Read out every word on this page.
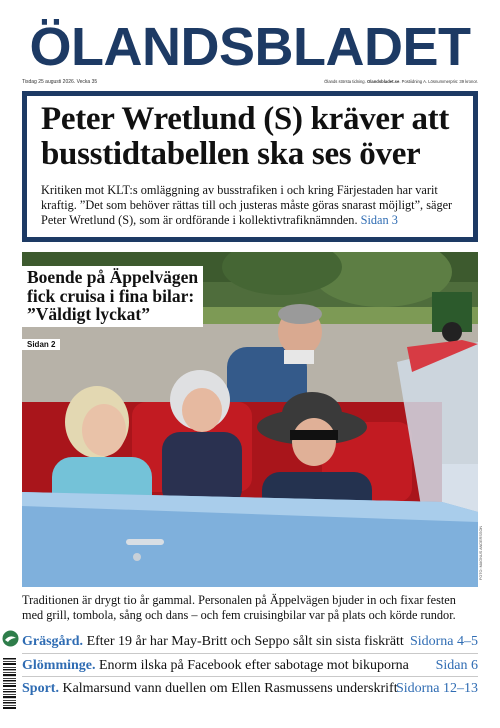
ÖLANDSBLADET
Tisdag 25 augusti 2026. Vecka 35	Ölands största tidning. Olandsbladet.se. Postiidning A. Lösnummerpris: 39 kronor.
Peter Wretlund (S) kräver att busstidtabellen ska ses över
Kritiken mot KLT:s omläggning av busstrafiken i och kring Färjestaden har varit kraftig. ”Det som behöver rättas till och justeras måste göras snarast möjligt”, säger Peter Wretlund (S), som är ordförande i kollektivtrafiknämnden. Sidan 3
Boende på Äppelvägen
fick cruisa i fina bilar:
”Väldigt lyckat”
Sidan 2
FOTO: MAGNUS ANDERSSON
Traditionen är drygt tio år gammal. Personalen på Äppelvägen bjuder in och fixar festen med grill, tombola, sång och dans – och fem cruisingbilar var på plats och körde rundor.
Gräsgård. Efter 19 år har May-Britt och Seppo sålt sin sista fiskrätt Sidorna 4–5
Glömminge. Enorm ilska på Facebook efter sabotage mot bikuporna Sidan 6
Sport. Kalmarsund vann duellen om Ellen Rasmussens underskrift
Sidorna 12–13
